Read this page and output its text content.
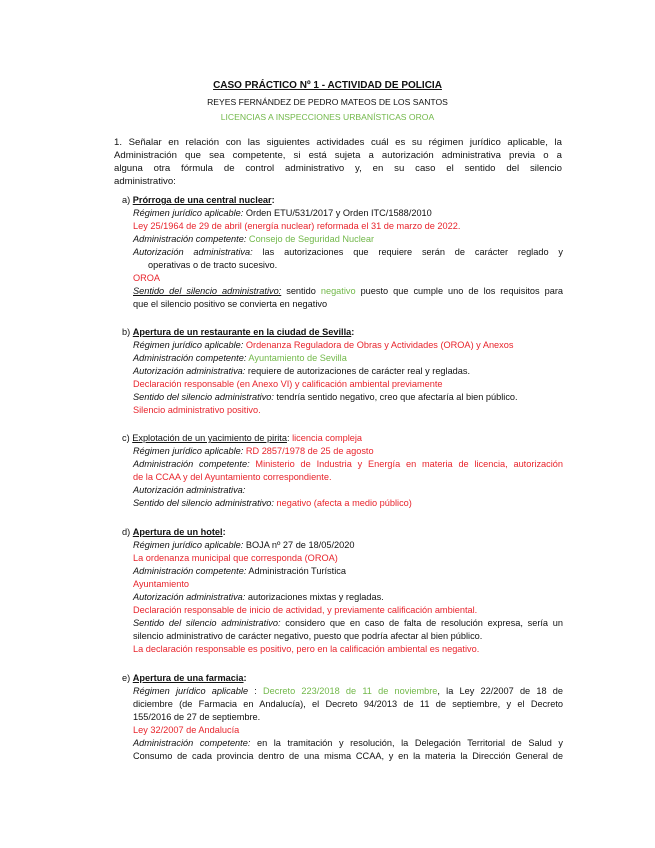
CASO PRÁCTICO Nº 1 - ACTIVIDAD DE POLICIA
REYES FERNÁNDEZ DE PEDRO MATEOS DE LOS SANTOS
LICENCIAS A INSPECCIONES URBANÍSTICAS OROA
1. Señalar en relación con las siguientes actividades cuál es su régimen jurídico aplicable, la
Administración que sea competente, si está sujeta a autorización administrativa previa o a
alguna otra fórmula de control administrativo y, en su caso el sentido del silencio
administrativo:
a) Prórroga de una central nuclear:
Régimen jurídico aplicable: Orden ETU/531/2017 y Orden ITC/1588/2010
Ley 25/1964 de 29 de abril (energía nuclear) reformada el 31 de marzo de 2022.
Administración competente: Consejo de Seguridad Nuclear
Autorización administrativa: las autorizaciones que requiere serán de carácter reglado y
operativas o de tracto sucesivo.
OROA
Sentido del silencio administrativo: sentido negativo puesto que cumple uno de los requisitos para
que el silencio positivo se convierta en negativo
b) Apertura de un restaurante en la ciudad de Sevilla:
Régimen jurídico aplicable: Ordenanza Reguladora de Obras y Actividades (OROA) y Anexos
Administración competente: Ayuntamiento de Sevilla
Autorización administrativa: requiere de autorizaciones de carácter real y regladas.
Declaración responsable (en Anexo VI) y calificación ambiental previamente
Sentido del silencio administrativo: tendría sentido negativo, creo que afectaría al bien público.
Silencio administrativo positivo.
c) Explotación de un yacimiento de pirita: licencia compleja
Régimen jurídico aplicable: RD 2857/1978 de 25 de agosto
Administración competente: Ministerio de Industria y Energía en materia de licencia, autorización
de la CCAA y del Ayuntamiento correspondiente.
Autorización administrativa:
Sentido del silencio administrativo: negativo (afecta a medio público)
d) Apertura de un hotel:
Régimen jurídico aplicable: BOJA nº 27 de 18/05/2020
La ordenanza municipal que corresponda (OROA)
Administración competente: Administración Turística
Ayuntamiento
Autorización administrativa: autorizaciones mixtas y regladas.
Declaración responsable de inicio de actividad, y previamente calificación ambiental.
Sentido del silencio administrativo: considero que en caso de falta de resolución expresa, sería un
silencio administrativo de carácter negativo, puesto que podría afectar al bien público.
La declaración responsable es positivo, pero en la calificación ambiental es negativo.
e) Apertura de una farmacia:
Régimen jurídico aplicable : Decreto 223/2018 de 11 de noviembre, la Ley 22/2007 de 18 de
diciembre (de Farmacia en Andalucía), el Decreto 94/2013 de 11 de septiembre, y el Decreto
155/2016 de 27 de septiembre.
Ley 32/2007 de Andalucía
Administración competente: en la tramitación y resolución, la Delegación Territorial de Salud y
Consumo de cada provincia dentro de una misma CCAA, y en la materia la Dirección General de
